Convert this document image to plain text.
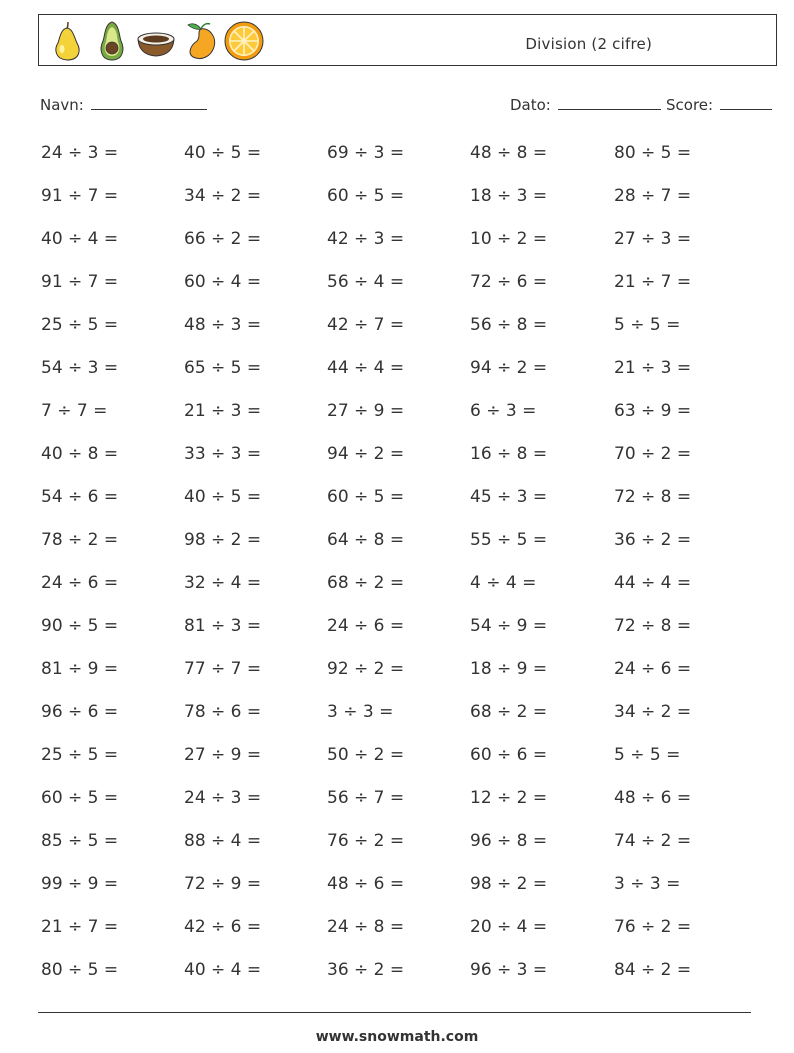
Division (2 cifre)
Navn:	Dato:	Score:
24 ÷ 3 =	40 ÷ 5 =	69 ÷ 3 =	48 ÷ 8 =	80 ÷ 5 =
91 ÷ 7 =	34 ÷ 2 =	60 ÷ 5 =	18 ÷ 3 =	28 ÷ 7 =
40 ÷ 4 =	66 ÷ 2 =	42 ÷ 3 =	10 ÷ 2 =	27 ÷ 3 =
91 ÷ 7 =	60 ÷ 4 =	56 ÷ 4 =	72 ÷ 6 =	21 ÷ 7 =
25 ÷ 5 =	48 ÷ 3 =	42 ÷ 7 =	56 ÷ 8 =	5 ÷ 5 =
54 ÷ 3 =	65 ÷ 5 =	44 ÷ 4 =	94 ÷ 2 =	21 ÷ 3 =
7 ÷ 7 =	21 ÷ 3 =	27 ÷ 9 =	6 ÷ 3 =	63 ÷ 9 =
40 ÷ 8 =	33 ÷ 3 =	94 ÷ 2 =	16 ÷ 8 =	70 ÷ 2 =
54 ÷ 6 =	40 ÷ 5 =	60 ÷ 5 =	45 ÷ 3 =	72 ÷ 8 =
78 ÷ 2 =	98 ÷ 2 =	64 ÷ 8 =	55 ÷ 5 =	36 ÷ 2 =
24 ÷ 6 =	32 ÷ 4 =	68 ÷ 2 =	4 ÷ 4 =	44 ÷ 4 =
90 ÷ 5 =	81 ÷ 3 =	24 ÷ 6 =	54 ÷ 9 =	72 ÷ 8 =
81 ÷ 9 =	77 ÷ 7 =	92 ÷ 2 =	18 ÷ 9 =	24 ÷ 6 =
96 ÷ 6 =	78 ÷ 6 =	3 ÷ 3 =	68 ÷ 2 =	34 ÷ 2 =
25 ÷ 5 =	27 ÷ 9 =	50 ÷ 2 =	60 ÷ 6 =	5 ÷ 5 =
60 ÷ 5 =	24 ÷ 3 =	56 ÷ 7 =	12 ÷ 2 =	48 ÷ 6 =
85 ÷ 5 =	88 ÷ 4 =	76 ÷ 2 =	96 ÷ 8 =	74 ÷ 2 =
99 ÷ 9 =	72 ÷ 9 =	48 ÷ 6 =	98 ÷ 2 =	3 ÷ 3 =
21 ÷ 7 =	42 ÷ 6 =	24 ÷ 8 =	20 ÷ 4 =	76 ÷ 2 =
80 ÷ 5 =	40 ÷ 4 =	36 ÷ 2 =	96 ÷ 3 =	84 ÷ 2 =
www.snowmath.com
